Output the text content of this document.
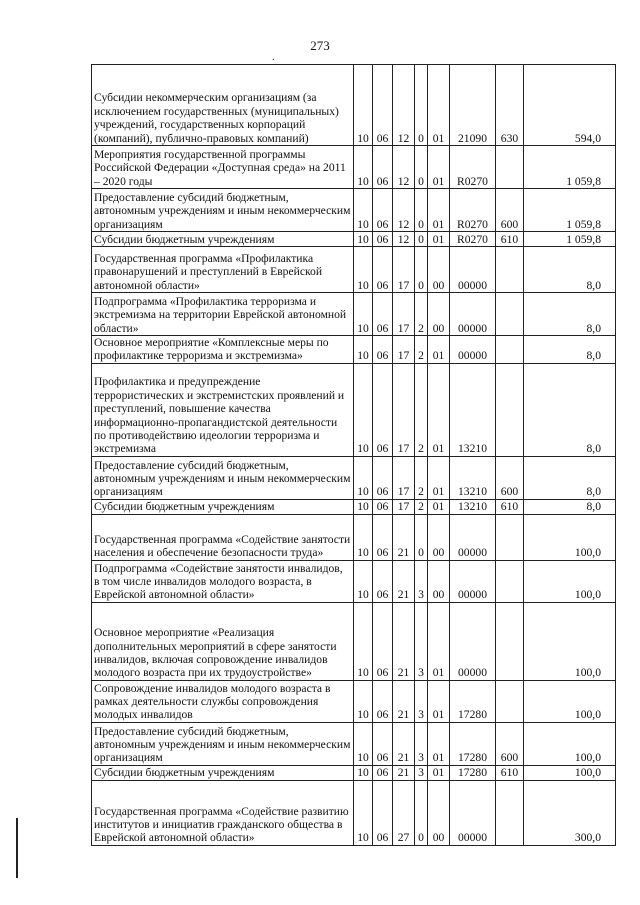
273
.
Субсидии некоммерческим организациям (за исключением государственных (муниципальных) учреждений, государственных корпораций (компаний), публично-правовых компаний)	10	06	12	0	01	21090	630	594,0
Мероприятия государственной программы Российской Федерации «Доступная среда» на 2011 – 2020 годы	10	06	12	0	01	R0270		1 059,8
Предоставление субсидий бюджетным, автономным учреждениям и иным некоммерческим организациям	10	06	12	0	01	R0270	600	1 059,8
Субсидии бюджетным учреждениям	10	06	12	0	01	R0270	610	1 059,8
Государственная программа «Профилактика правонарушений и преступлений в Еврейской автономной области»	10	06	17	0	00	00000		8,0
Подпрограмма «Профилактика терроризма и экстремизма на территории Еврейской автономной области»	10	06	17	2	00	00000		8,0
Основное мероприятие «Комплексные меры по профилактике терроризма и экстремизма»	10	06	17	2	01	00000		8,0
Профилактика и предупреждение террористических и экстремистских проявлений и преступлений, повышение качества информационно-пропагандистской деятельности по противодействию идеологии терроризма и экстремизма	10	06	17	2	01	13210		8,0
Предоставление субсидий бюджетным, автономным учреждениям и иным некоммерческим организациям	10	06	17	2	01	13210	600	8,0
Субсидии бюджетным учреждениям	10	06	17	2	01	13210	610	8,0
Государственная программа «Содействие занятости населения и обеспечение безопасности труда»	10	06	21	0	00	00000		100,0
Подпрограмма «Содействие занятости инвалидов, в том числе инвалидов молодого возраста, в Еврейской автономной области»	10	06	21	3	00	00000		100,0
Основное мероприятие «Реализация дополнительных мероприятий в сфере занятости инвалидов, включая сопровождение инвалидов молодого возраста при их трудоустройстве»	10	06	21	3	01	00000		100,0
Сопровождение инвалидов молодого возраста в рамках деятельности службы сопровождения молодых инвалидов	10	06	21	3	01	17280		100,0
Предоставление субсидий бюджетным, автономным учреждениям и иным некоммерческим организациям	10	06	21	3	01	17280	600	100,0
Субсидии бюджетным учреждениям	10	06	21	3	01	17280	610	100,0
Государственная программа «Содействие развитию институтов и инициатив гражданского общества в Еврейской автономной области»	10	06	27	0	00	00000		300,0
